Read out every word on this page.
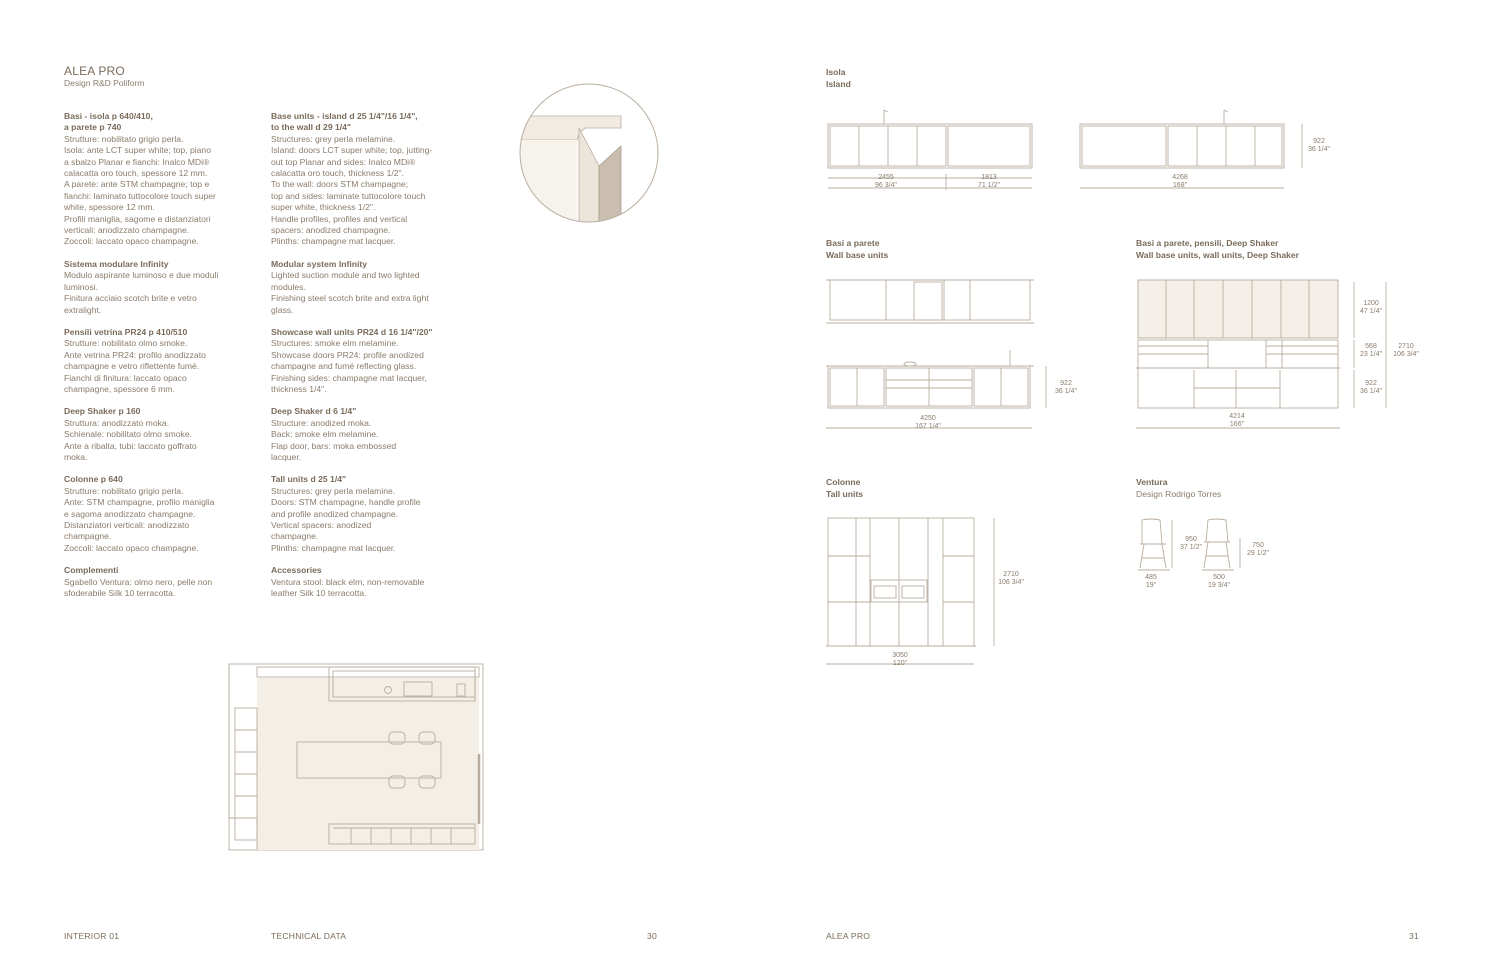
ALEA PRO
Design R&D Poliform
Basi - isola p 640/410,
a parete p 740
Strutture: nobilitato grigio perla.
Isola: ante LCT super white; top, piano
a sbalzo Planar e fianchi: Inalco MDi®
calacatta oro touch, spessore 12 mm.
A parete: ante STM champagne; top e
fianchi: laminato tuttocolore touch super
white, spessore 12 mm.
Profili maniglia, sagome e distanziatori
verticali: anodizzato champagne.
Zoccoli: laccato opaco champagne.
Sistema modulare Infinity
Modulo aspirante luminoso e due moduli
luminosi.
Finitura acciaio scotch brite e vetro
extralight.
Pensili vetrina PR24 p 410/510
Strutture: nobilitato olmo smoke.
Ante vetrina PR24: profilo anodizzato
champagne e vetro riflettente fumé.
Fianchi di finitura: laccato opaco
champagne, spessore 6 mm.
Deep Shaker p 160
Struttura: anodizzato moka.
Schienale: nobilitato olmo smoke.
Ante a ribalta, tubi: laccato goffrato
moka.
Colonne p 640
Strutture: nobilitato grigio perla.
Ante: STM champagne, profilo maniglia
e sagoma anodizzato champagne.
Distanziatori verticali: anodizzato
champagne.
Zoccoli: laccato opaco champagne.
Complementi
Sgabello Ventura: olmo nero, pelle non
sfoderabile Silk 10 terracotta.
Base units - island d 25 1/4"/16 1/4",
to the wall d 29 1/4"
Structures: grey perla melamine.
Island: doors LCT super white; top, jutting-
out top Planar and sides: Inalco MDi®
calacatta oro touch, thickness 1/2".
To the wall: doors STM champagne;
top and sides: laminate tuttocolore touch
super white, thickness 1/2".
Handle profiles, profiles and vertical
spacers: anodized champagne.
Plinths: champagne mat lacquer.
Modular system Infinity
Lighted suction module and two lighted
modules.
Finishing steel scotch brite and extra light
glass.
Showcase wall units PR24 d 16 1/4"/20"
Structures: smoke elm melamine.
Showcase doors PR24: profile anodized
champagne and fumé reflecting glass.
Finishing sides: champagne mat lacquer,
thickness 1/4".
Deep Shaker d 6 1/4"
Structure: anodized moka.
Back: smoke elm melamine.
Flap door, bars: moka embossed
lacquer.
Tall units d 25 1/4"
Structures: grey perla melamine.
Doors: STM champagne, handle profile
and profile anodized champagne.
Vertical spacers: anodized
champagne.
Plinths: champagne mat lacquer.
Accessories
Ventura stool: black elm, non-removable
leather Silk 10 terracotta.
Isola
Island
2455
96 3/4"
1813
71 1/2"
4268
168"
922
36 1/4"
Basi a parete
Wall base units
922
36 1/4"
4250
167 1/4"
Basi a parete, pensili, Deep Shaker
Wall base units, wall units, Deep Shaker
1200
47 1/4"
568
23 1/4"
922
36 1/4"
2710
106 3/4"
4214
166"
Colonne
Tall units
2710
106 3/4"
3050
120"
Ventura
Design Rodrigo Torres
950
37 1/2"
485
19"
750
29 1/2"
500
19 3/4"
INTERIOR 01	TECHNICAL DATA	30	ALEA PRO	31
